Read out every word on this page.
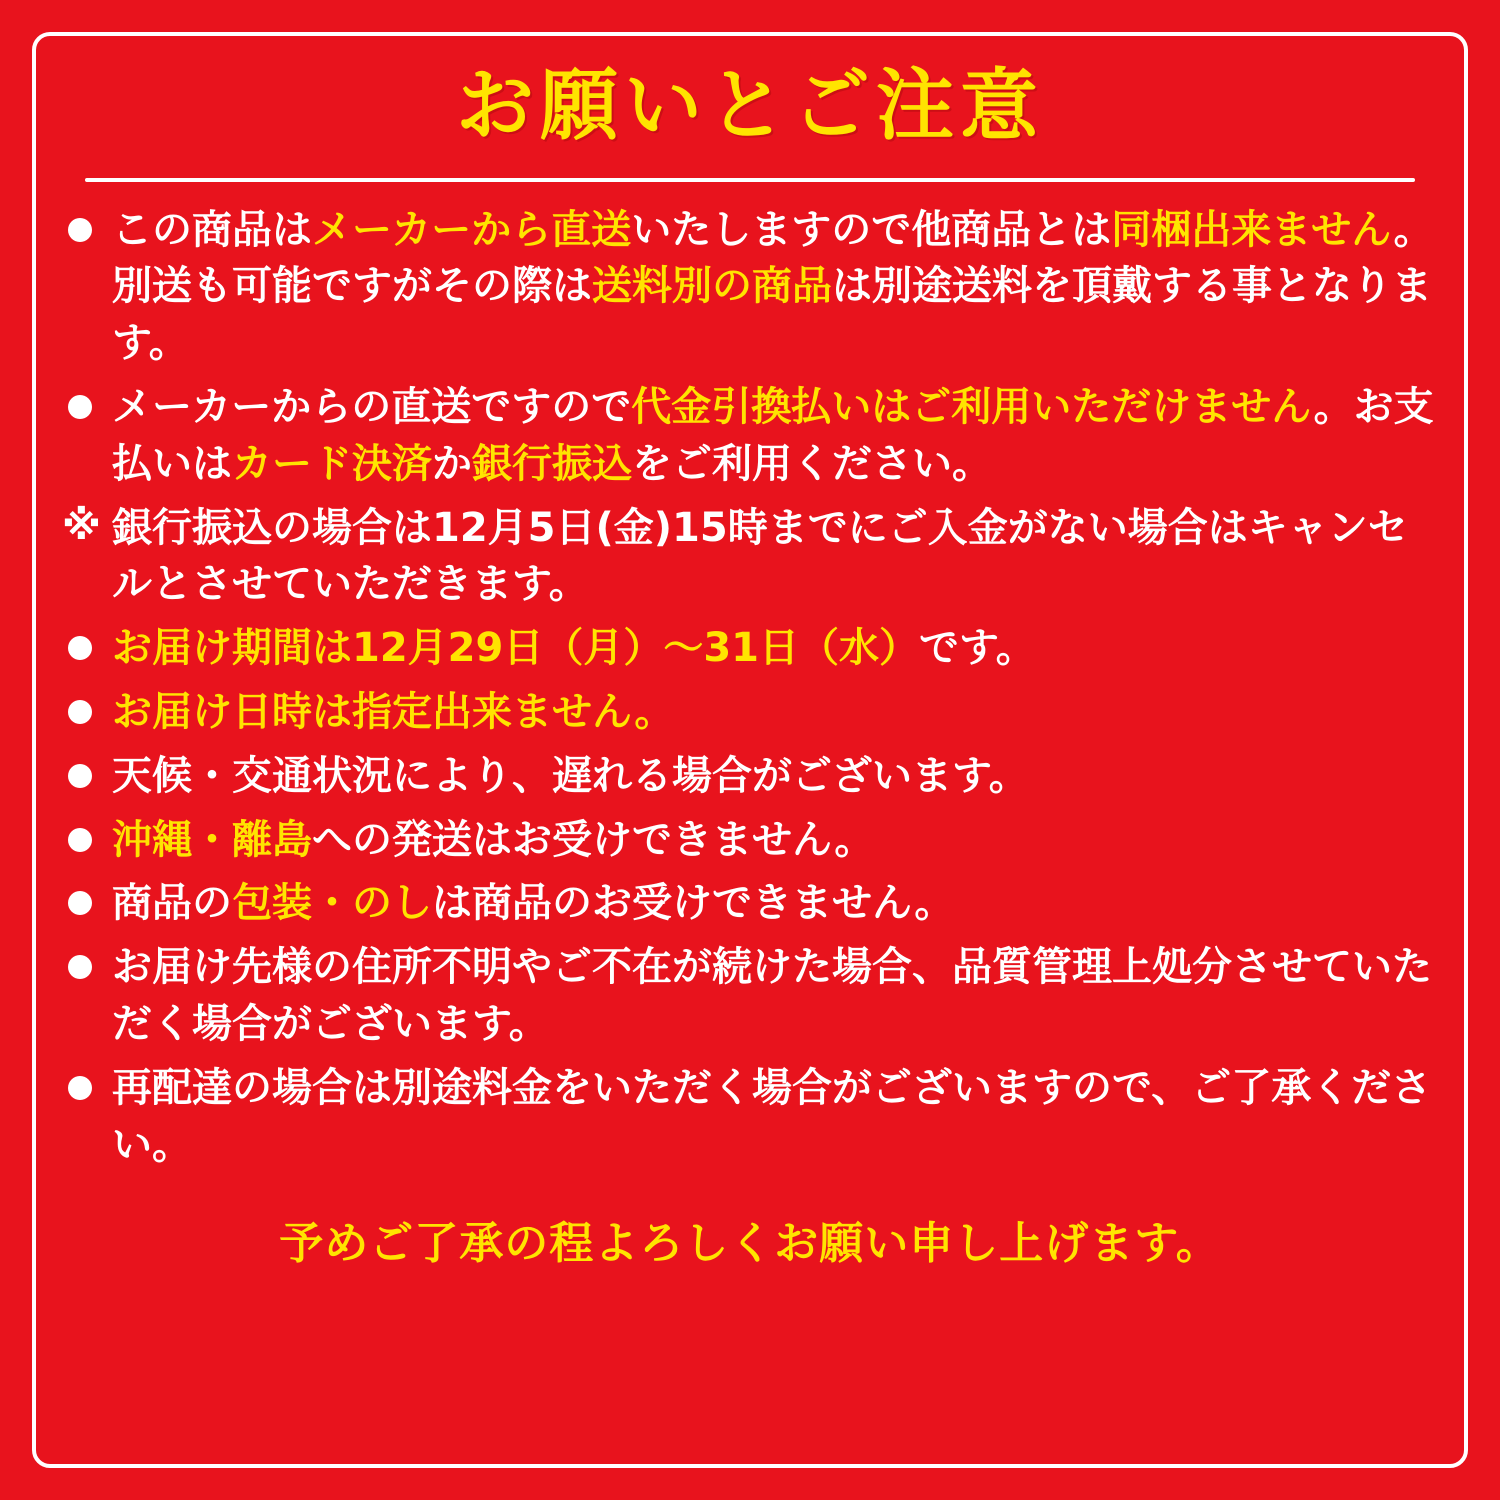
お願いとご注意
この商品はメーカーから直送いたしますので他商品とは同梱出来ません。別送も可能ですがその際は送料別の商品は別途送料を頂戴する事となります。
メーカーからの直送ですので代金引換払いはご利用いただけません。お支払いはカード決済か銀行振込をご利用ください。
※ 銀行振込の場合は12月5日(金)15時までにご入金がない場合はキャンセルとさせていただきます。
お届け期間は12月29日（月）〜31日（水）です。
お届け日時は指定出来ません。
天候・交通状況により、遅れる場合がございます。
沖縄・離島への発送はお受けできません。
商品の包装・のしは商品のお受けできません。
お届け先様の住所不明やご不在が続けた場合、品質管理上処分させていただく場合がございます。
再配達の場合は別途料金をいただく場合がございますので、ご了承ください。
予めご了承の程よろしくお願い申し上げます。
